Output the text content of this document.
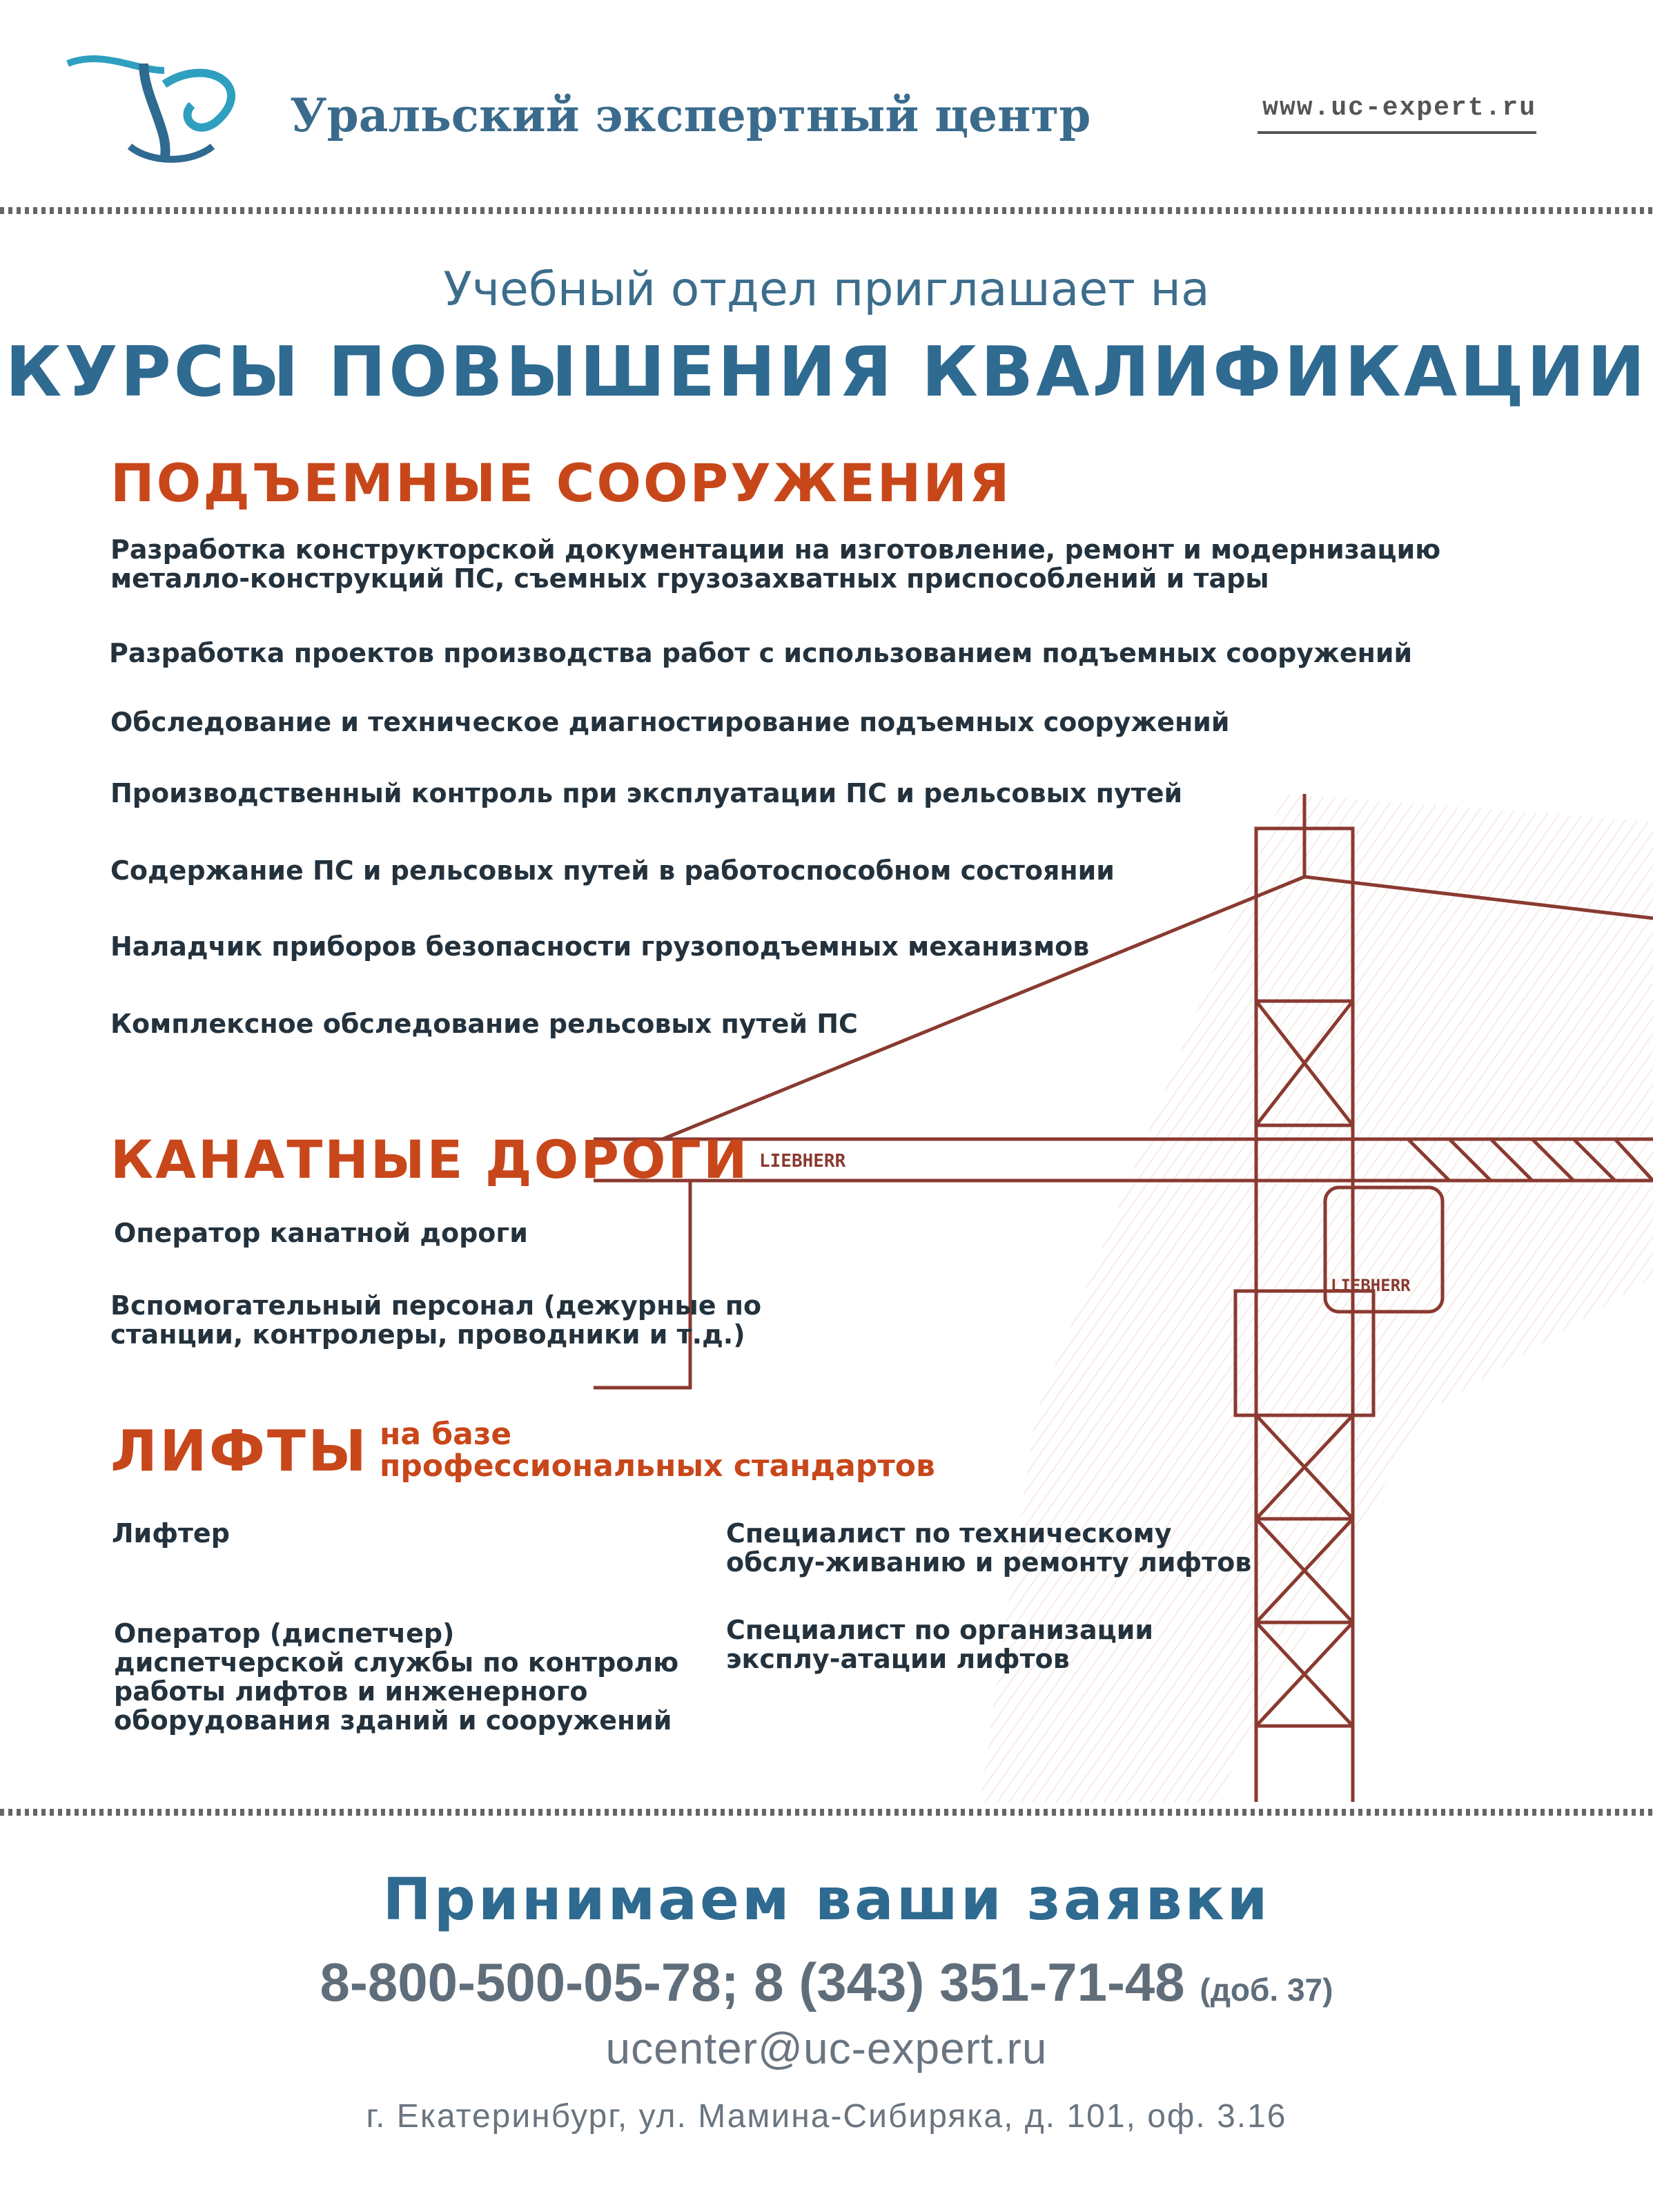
LIEBHERR
LIEBHERR
Уральский экспертный центр	www.uc-expert.ru
Учебный отдел приглашает на
КУРСЫ ПОВЫШЕНИЯ КВАЛИФИКАЦИИ
ПОДЪЕМНЫЕ СООРУЖЕНИЯ
Разработка конструкторской документации на изготовление, ремонт и модернизацию металло-конструкций ПС, съемных грузозахватных приспособлений и тары
Разработка проектов производства работ с использованием подъемных сооружений
Обследование и техническое диагностирование подъемных сооружений
Производственный контроль при эксплуатации ПС и рельсовых путей
Содержание ПС и рельсовых путей в работоспособном состоянии
Наладчик приборов безопасности грузоподъемных механизмов
Комплексное обследование рельсовых путей ПС
КАНАТНЫЕ ДОРОГИ
Оператор канатной дороги
Вспомогательный персонал (дежурные по станции, контролеры, проводники и т.д.)
ЛИФТЫ на базе
профессиональных стандартов
Лифтер	Специалист по техническому обслу-живанию и ремонту лифтов
Оператор (диспетчер) диспетчерской службы по контролю работы лифтов и инженерного оборудования зданий и сооружений
Специалист по организации эксплу-атации лифтов
Принимаем ваши заявки
8-800-500-05-78; 8 (343) 351-71-48 (доб. 37)
ucenter@uc-expert.ru
г. Екатеринбург, ул. Мамина-Сибиряка, д. 101, оф. 3.16
